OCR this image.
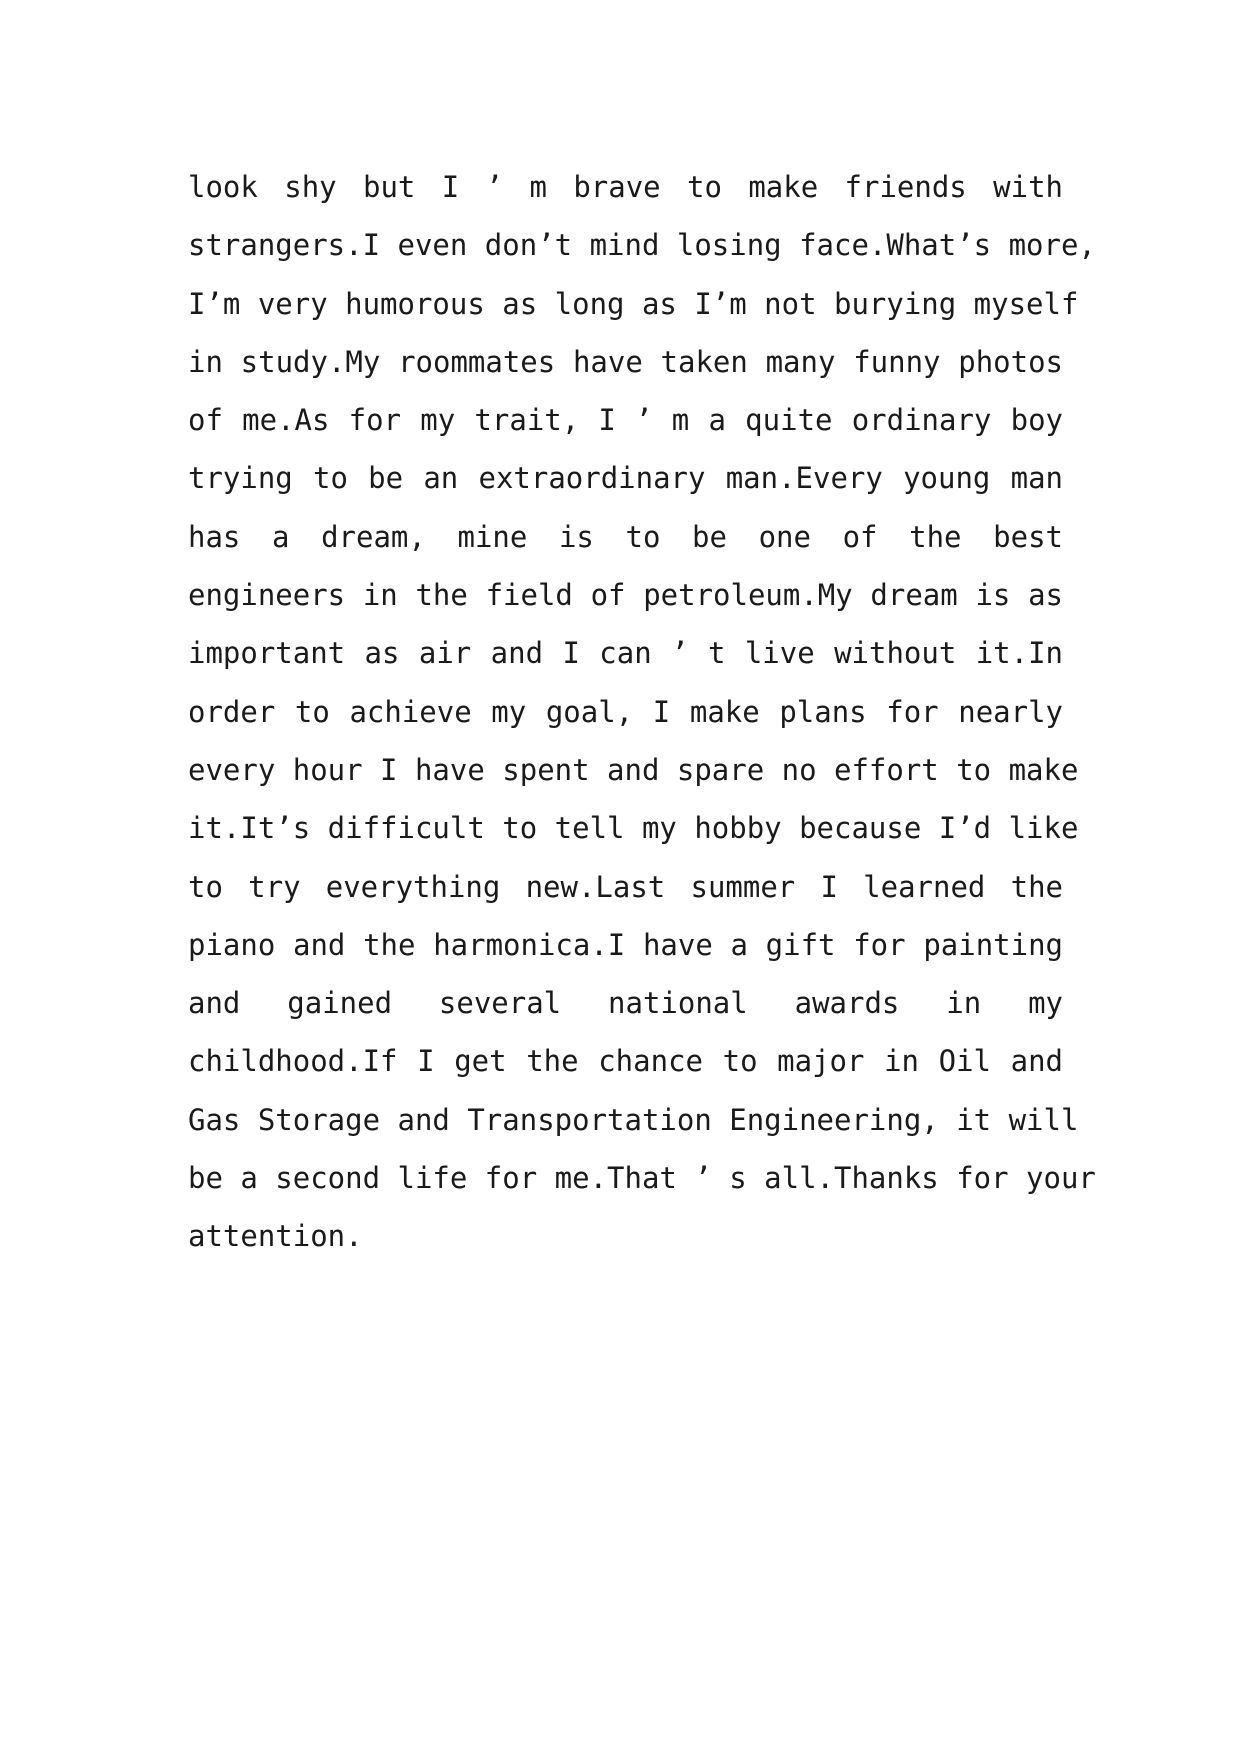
look shy but I ’ m brave to make friends with
strangers.I even don’t mind losing face.What’s more,
I’m very humorous as long as I’m not burying myself
in study.My roommates have taken many funny photos
of me.As for my trait, I ’ m a quite ordinary boy
trying to be an extraordinary man.Every young man
has a dream, mine is to be one of the best
engineers in the field of petroleum.My dream is as
important as air and I can ’ t live without it.In
order to achieve my goal, I make plans for nearly
every hour I have spent and spare no effort to make
it.It’s difficult to tell my hobby because I’d like
to try everything new.Last summer I learned the
piano and the harmonica.I have a gift for painting
and gained several national awards in my
childhood.If I get the chance to major in Oil and
Gas Storage and Transportation Engineering, it will
be a second life for me.That ’ s all.Thanks for your
attention.
